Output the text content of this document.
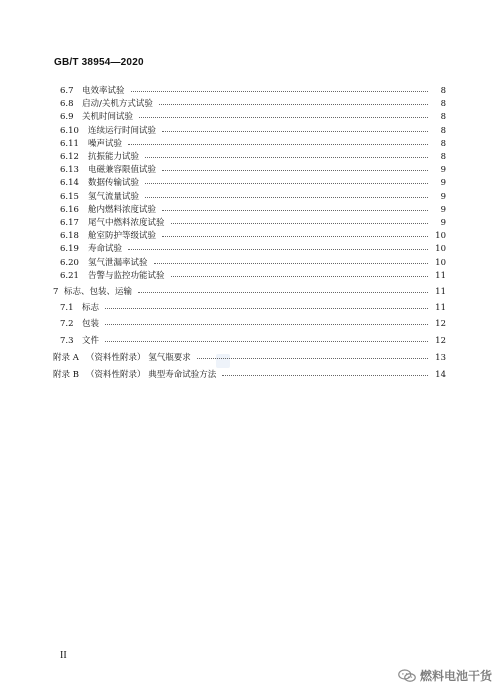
GB/T 38954—2020
6.7 电效率试验	8
6.8 启动/关机方式试验	8
6.9 关机时间试验	8
6.10 连续运行时间试验	8
6.11 噪声试验	8
6.12 抗振能力试验	8
6.13 电磁兼容限值试验	9
6.14 数据传输试验	9
6.15 氢气流量试验	9
6.16 舱内燃料浓度试验	9
6.17 尾气中燃料浓度试验	9
6.18 舱室防护等级试验	10
6.19 寿命试验	10
6.20 氢气泄漏率试验	10
6.21 告警与监控功能试验	11
7 标志、包装、运输	11
7.1 标志	11
7.2 包装	12
7.3 文件	12
附录 A （资料性附录） 氢气瓶要求	13
附录 B （资料性附录） 典型寿命试验方法	14
II
燃料电池干货
